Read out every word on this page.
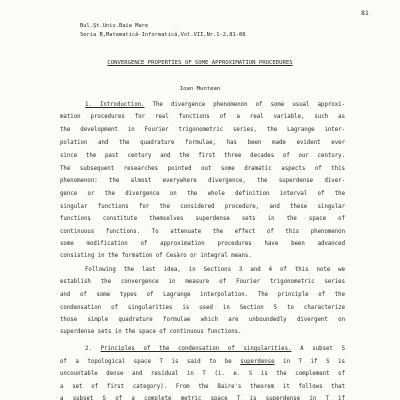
81
Bul.Şt.Univ.Baia Mare
Seria B,Matematică-Informatică,Vol.VII,Nr.1-2,81-88
CONVERGENCE PROPERTIES OF SOME APPROXIMATION PROCEDURES
Ioan Muntean
1. Introduction. The divergence phenomenon of some usual approxi-
mation procedures for real functions of a real variable, such as
the development in Fourier trigonometric series, the Lagrange inter-
polation and the quadrature formulae, has been made evident ever
since the past century and the first three decades of our century.
The subsequent researches pointed out some dramatic aspects of this
phenomenon: the almost everywhere divergence, the superdense diver-
gence or the divergence on the whole definition interval of the
singular functions for the considered procedure, and these singular
functions constitute themselves superdense sets in the space of
continuous functions. To attenuate the effect of this phenomenon
some modification of approximation procedures have been advanced
consisting in the formation of Cesàro or integral means.
Following the last idea, in Sections 3 and 4 of this note we
establish the convergence in measure of Fourier trigonometric series
and of some types of Lagrange interpolation. The principle of the
condensation of singularities is used in Section 5 to characterize
those simple quadrature formulae which are unboundedly divergent on
superdense sets in the space of continuous functions.
2. Principles of the condensation of singularities. A subset S
of a topological space T is said to be superdense in T if S is
uncountable dense and residual in T (i. e. S is the complement of
a set of first category). From the Baire's theorem it follows that
a subset S of a complete metric space T is superdense in T if
